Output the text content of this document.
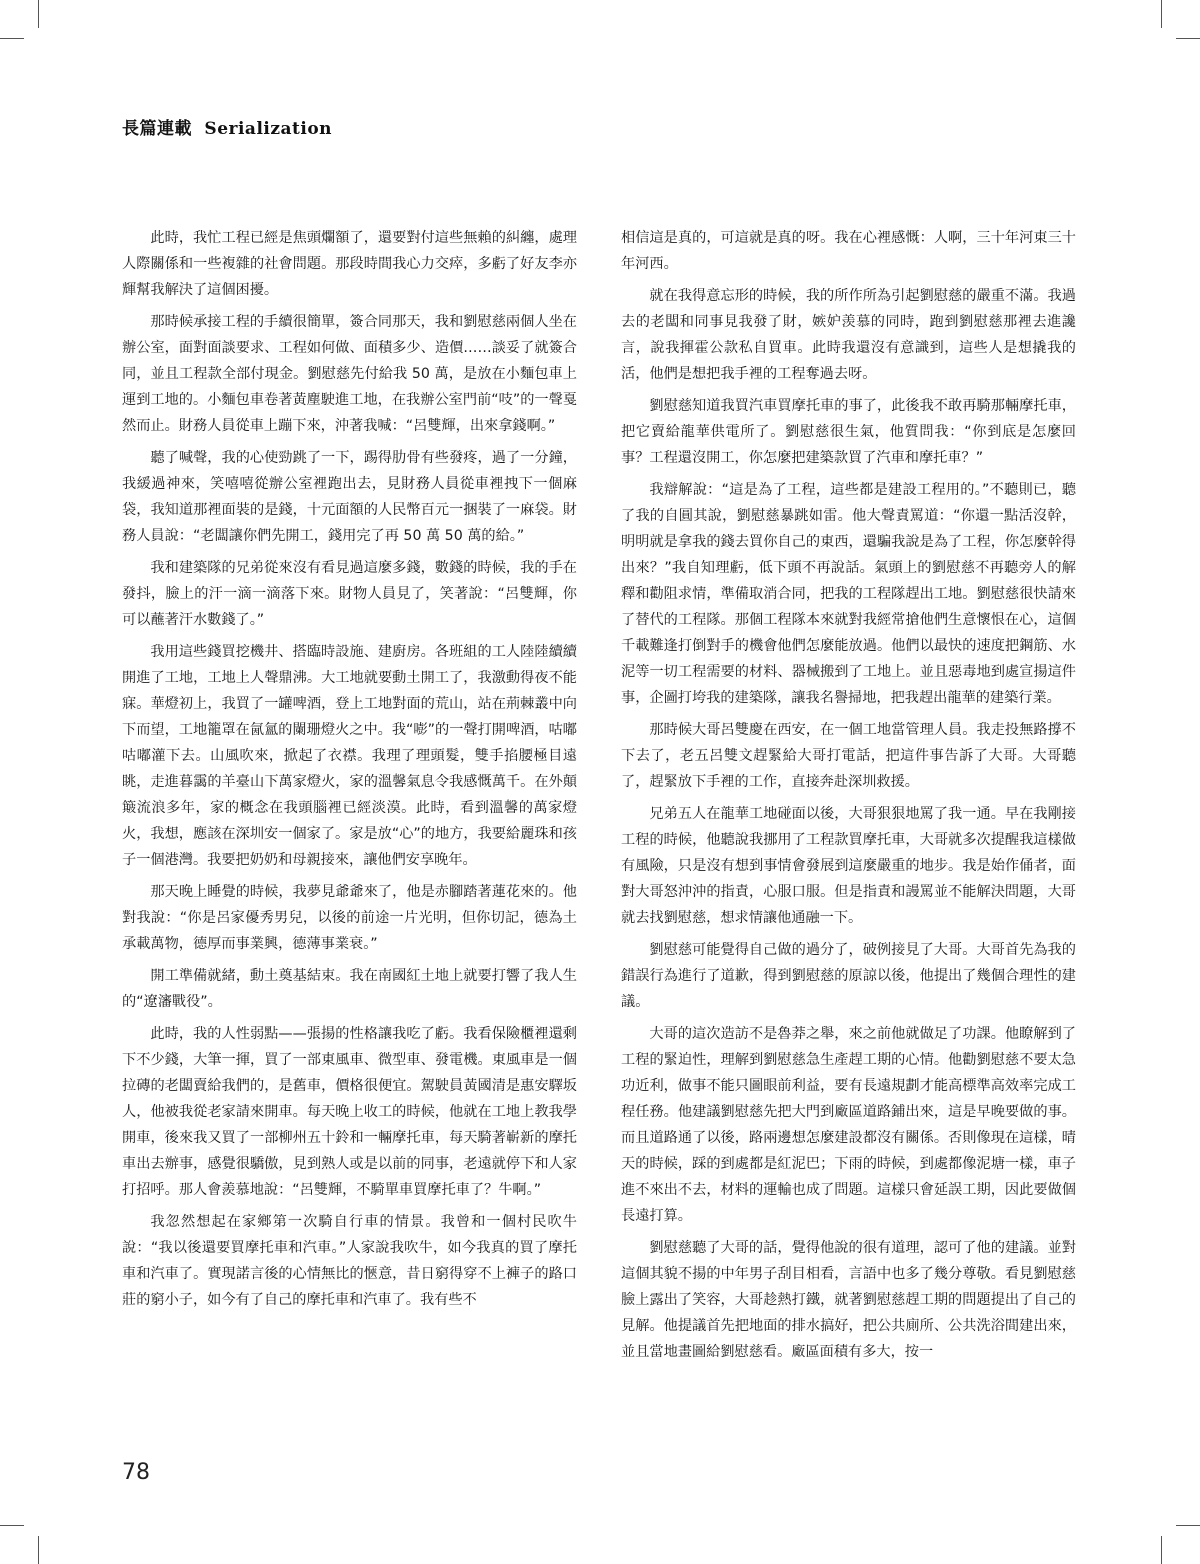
長篇連載 Serialization

此時，我忙工程已經是焦頭爛額了，還要對付這些無賴的糾纏，處理人際關係和一些複雜的社會問題。那段時間我心力交瘁，多虧了好友李亦輝幫我解決了這個困擾。

那時候承接工程的手續很簡單，簽合同那天，我和劉慰慈兩個人坐在辦公室，面對面談要求、工程如何做、面積多少、造價……談妥了就簽合同，並且工程款全部付現金。劉慰慈先付給我 50 萬，是放在小麵包車上運到工地的。小麵包車卷著黃塵駛進工地，在我辦公室門前“吱”的一聲戛然而止。財務人員從車上蹦下來，沖著我喊：“呂雙輝，出來拿錢啊。”

聽了喊聲，我的心使勁跳了一下，踢得肋骨有些發疼，過了一分鐘，我緩過神來，笑嘻嘻從辦公室裡跑出去，見財務人員從車裡拽下一個麻袋，我知道那裡面裝的是錢，十元面額的人民幣百元一捆裝了一麻袋。財務人員說：“老闆讓你們先開工，錢用完了再 50 萬 50 萬的給。”

我和建築隊的兄弟從來沒有看見過這麼多錢，數錢的時候，我的手在發抖，臉上的汗一滴一滴落下來。財物人員見了，笑著說：“呂雙輝，你可以蘸著汗水數錢了。”

我用這些錢買挖機井、搭臨時設施、建廚房。各班組的工人陸陸續續開進了工地，工地上人聲鼎沸。大工地就要動土開工了，我激動得夜不能寐。華燈初上，我買了一罐啤酒，登上工地對面的荒山，站在荊棘叢中向下而望，工地籠罩在氤氳的闌珊燈火之中。我“嘭”的一聲打開啤酒，咕嘟咕嘟灌下去。山風吹來，掀起了衣襟。我理了理頭髮，雙手掐腰極目遠眺，走進暮靄的羊臺山下萬家燈火，家的溫馨氣息令我感慨萬千。在外顛簸流浪多年，家的概念在我頭腦裡已經淡漠。此時，看到溫馨的萬家燈火，我想，應該在深圳安一個家了。家是放“心”的地方，我要給麗珠和孩子一個港灣。我要把奶奶和母親接來，讓他們安享晚年。

那天晚上睡覺的時候，我夢見爺爺來了，他是赤腳踏著蓮花來的。他對我說：“你是呂家優秀男兒，以後的前途一片光明，但你切記，德為土承載萬物，德厚而事業興，德薄事業衰。”

開工準備就緒，動土奠基結束。我在南國紅土地上就要打響了我人生的“遼瀋戰役”。

此時，我的人性弱點——張揚的性格讓我吃了虧。我看保險櫃裡還剩下不少錢，大筆一揮，買了一部東風車、微型車、發電機。東風車是一個拉磚的老闆賣給我們的，是舊車，價格很便宜。駕駛員黃國清是惠安驛坂人，他被我從老家請來開車。每天晚上收工的時候，他就在工地上教我學開車，後來我又買了一部柳州五十鈴和一輛摩托車，每天騎著嶄新的摩托車出去辦事，感覺很驕傲，見到熟人或是以前的同事，老遠就停下和人家打招呼。那人會羨慕地說：“呂雙輝，不騎單車買摩托車了？牛啊。”

我忽然想起在家鄉第一次騎自行車的情景。我曾和一個村民吹牛說：“我以後還要買摩托車和汽車。”人家說我吹牛，如今我真的買了摩托車和汽車了。實現諾言後的心情無比的愜意，昔日窮得穿不上褲子的路口莊的窮小子，如今有了自己的摩托車和汽車了。我有些不

相信這是真的，可這就是真的呀。我在心裡感慨：人啊，三十年河東三十年河西。

就在我得意忘形的時候，我的所作所為引起劉慰慈的嚴重不滿。我過去的老闆和同事見我發了財，嫉妒羡慕的同時，跑到劉慰慈那裡去進讒言，說我揮霍公款私自買車。此時我還沒有意識到，這些人是想撬我的活，他們是想把我手裡的工程奪過去呀。

劉慰慈知道我買汽車買摩托車的事了，此後我不敢再騎那輛摩托車，把它賣給龍華供電所了。劉慰慈很生氣，他質問我：“你到底是怎麼回事？工程還沒開工，你怎麼把建築款買了汽車和摩托車？”

我辯解說：“這是為了工程，這些都是建設工程用的。”不聽則已，聽了我的自圓其說，劉慰慈暴跳如雷。他大聲責罵道：“你還一點活沒幹，明明就是拿我的錢去買你自己的東西，還騙我說是為了工程，你怎麼幹得出來？”我自知理虧，低下頭不再說話。氣頭上的劉慰慈不再聽旁人的解釋和勸阻求情，準備取消合同，把我的工程隊趕出工地。劉慰慈很快請來了替代的工程隊。那個工程隊本來就對我經常搶他們生意懷恨在心，這個千載難逢打倒對手的機會他們怎麼能放過。他們以最快的速度把鋼筋、水泥等一切工程需要的材料、器械搬到了工地上。並且惡毒地到處宣揚這件事，企圖打垮我的建築隊，讓我名譽掃地，把我趕出龍華的建築行業。

那時候大哥呂雙慶在西安，在一個工地當管理人員。我走投無路撐不下去了，老五呂雙文趕緊給大哥打電話，把這件事告訴了大哥。大哥聽了，趕緊放下手裡的工作，直接奔赴深圳救援。

兄弟五人在龍華工地碰面以後，大哥狠狠地罵了我一通。早在我剛接工程的時候，他聽說我挪用了工程款買摩托車，大哥就多次提醒我這樣做有風險，只是沒有想到事情會發展到這麼嚴重的地步。我是始作俑者，面對大哥怒沖沖的指責，心服口服。但是指責和謾罵並不能解決問題，大哥就去找劉慰慈，想求情讓他通融一下。

劉慰慈可能覺得自己做的過分了，破例接見了大哥。大哥首先為我的錯誤行為進行了道歉，得到劉慰慈的原諒以後，他提出了幾個合理性的建議。

大哥的這次造訪不是魯莽之舉，來之前他就做足了功課。他瞭解到了工程的緊迫性，理解到劉慰慈急生產趕工期的心情。他勸劉慰慈不要太急功近利，做事不能只圖眼前利益，要有長遠規劃才能高標準高效率完成工程任務。他建議劉慰慈先把大門到廠區道路鋪出來，這是早晚要做的事。而且道路通了以後，路兩邊想怎麼建設都沒有關係。否則像現在這樣，晴天的時候，踩的到處都是紅泥巴；下雨的時候，到處都像泥塘一樣，車子進不來出不去，材料的運輸也成了問題。這樣只會延誤工期，因此要做個長遠打算。

劉慰慈聽了大哥的話，覺得他說的很有道理，認可了他的建議。並對這個其貌不揚的中年男子刮目相看，言語中也多了幾分尊敬。看見劉慰慈臉上露出了笑容，大哥趁熱打鐵，就著劉慰慈趕工期的問題提出了自己的見解。他提議首先把地面的排水搞好，把公共廁所、公共洗浴間建出來，並且當地畫圖給劉慰慈看。廠區面積有多大，按一

78
